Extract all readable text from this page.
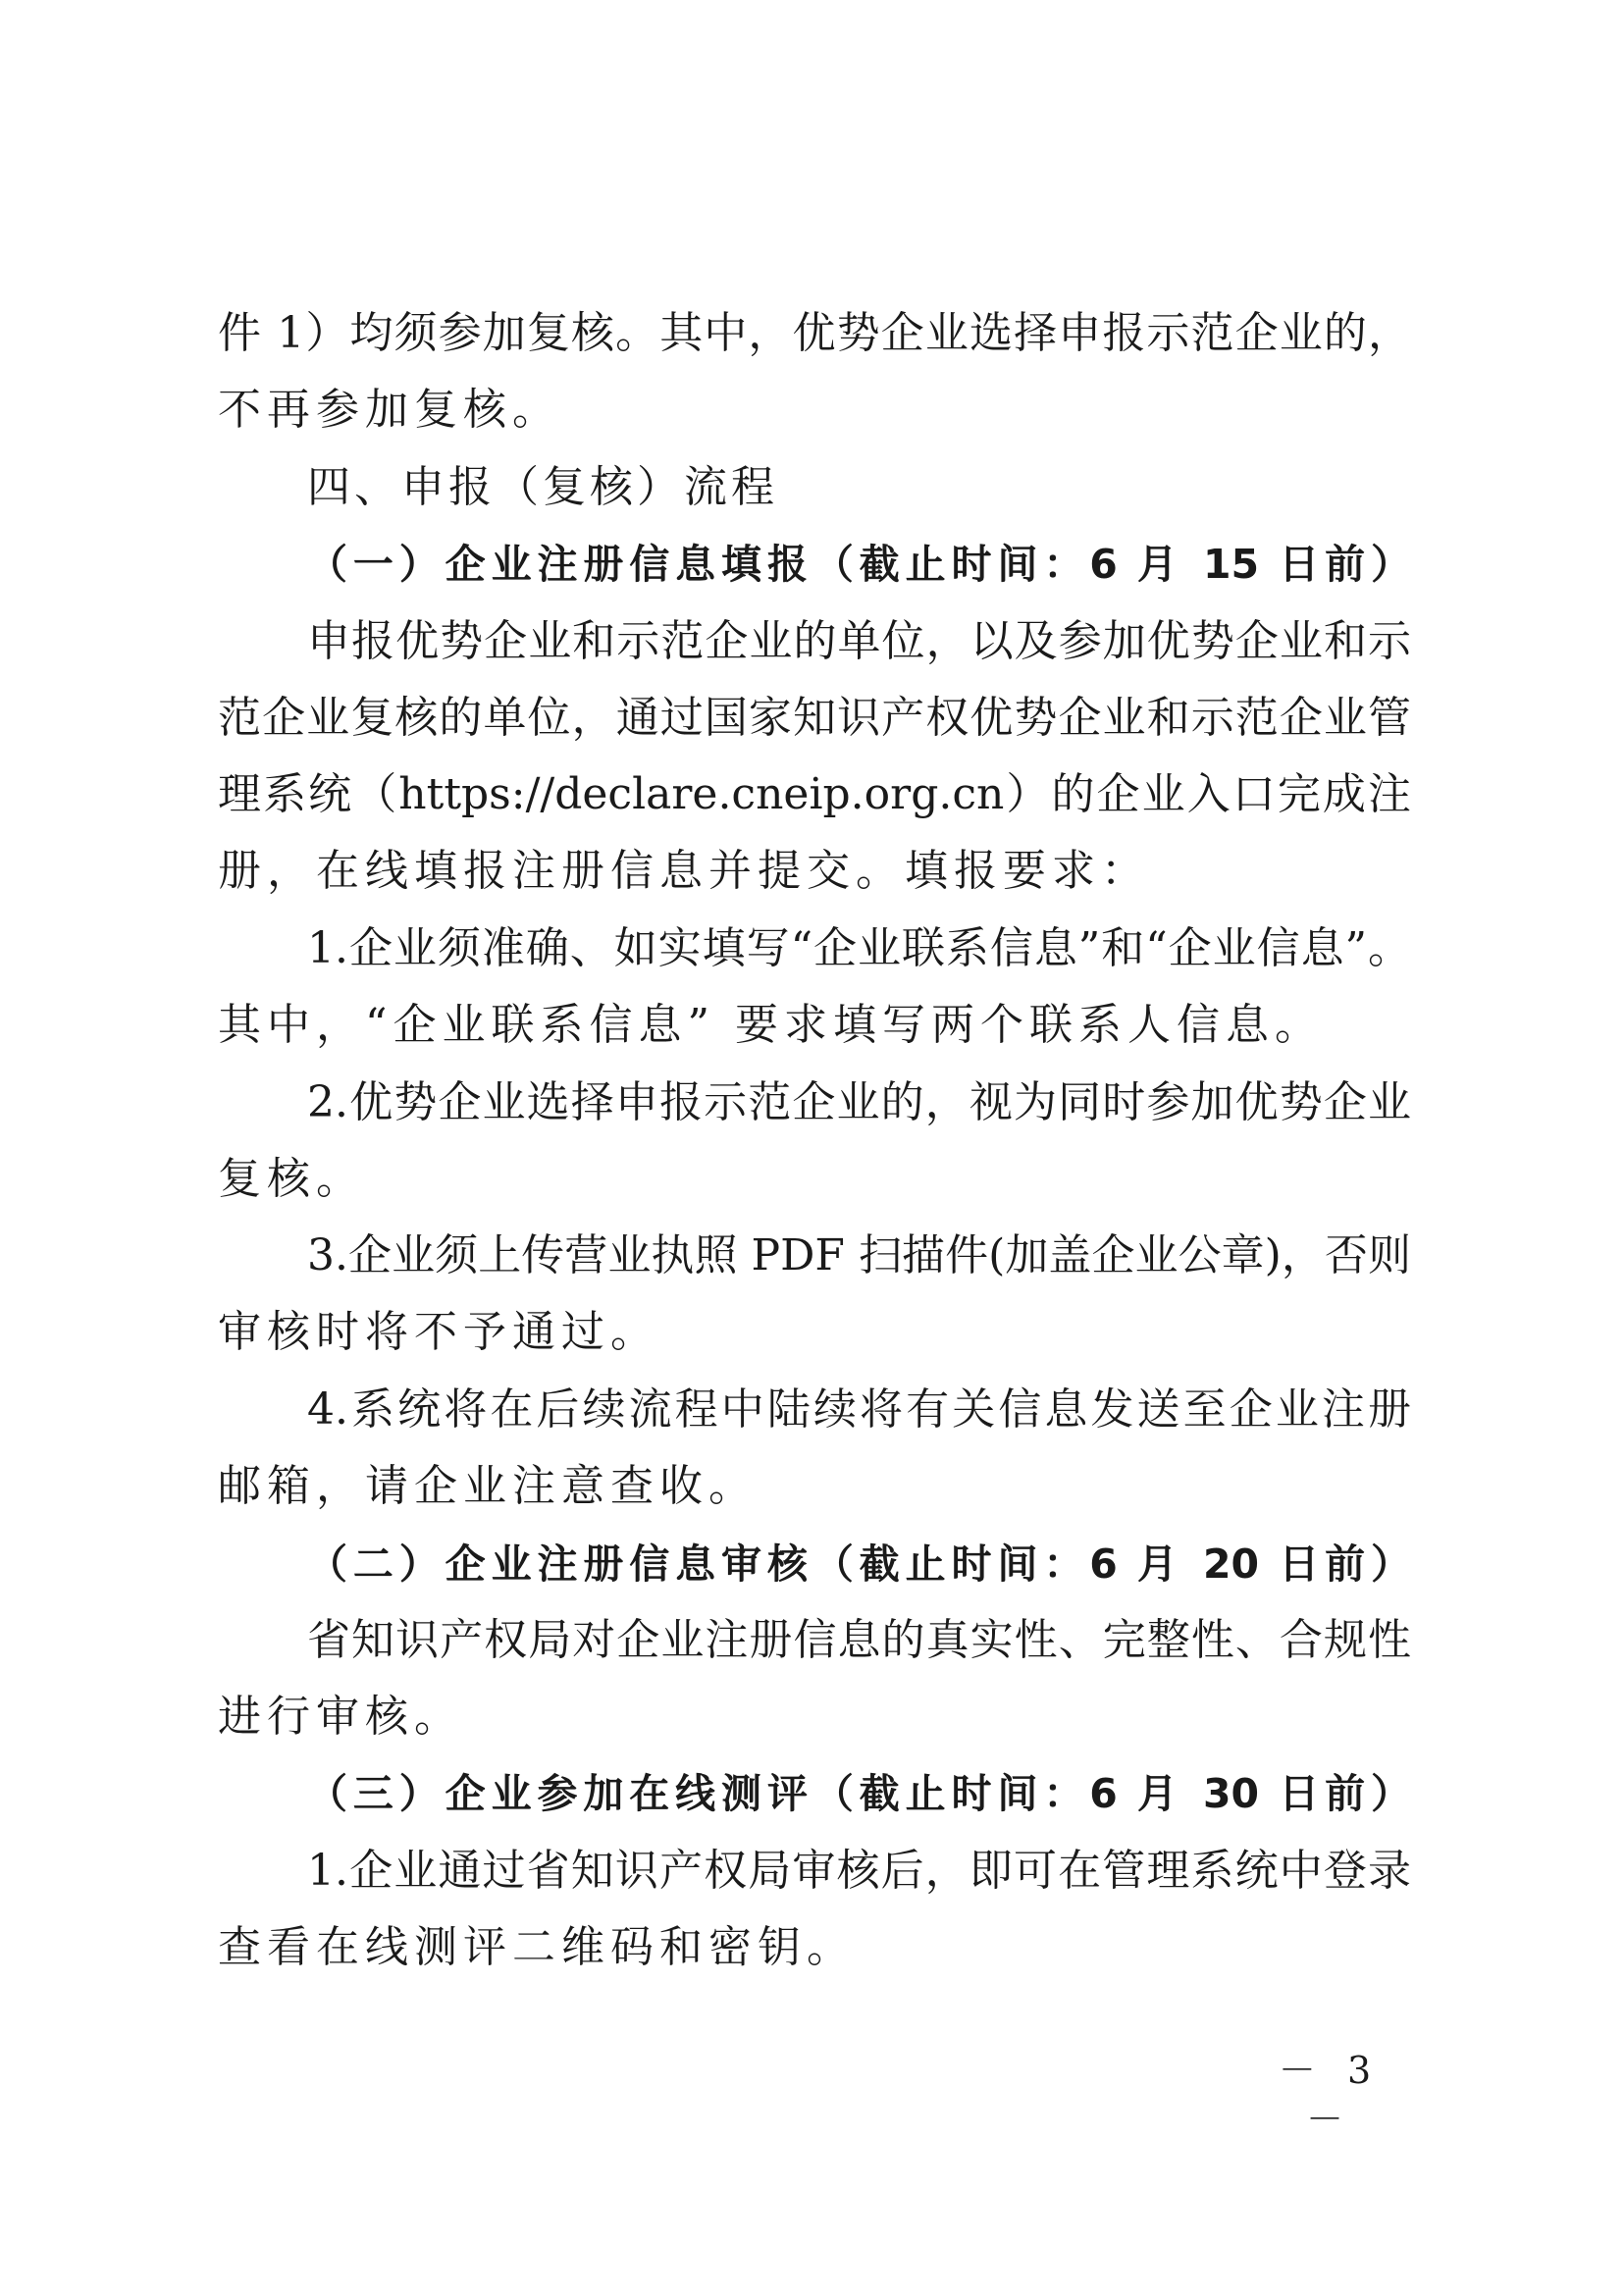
件 1）均须参加复核。其中，优势企业选择申报示范企业的，
不再参加复核。
四、申报（复核）流程
（一）企业注册信息填报（截止时间：6 月 15 日前）
申报优势企业和示范企业的单位，以及参加优势企业和示
范企业复核的单位，通过国家知识产权优势企业和示范企业管
理系统（https://declare.cneip.org.cn）的企业入口完成注
册，在线填报注册信息并提交。填报要求：
1.企业须准确、如实填写“企业联系信息”和“企业信息”。
其中，“企业联系信息” 要求填写两个联系人信息。
2.优势企业选择申报示范企业的，视为同时参加优势企业
复核。
3.企业须上传营业执照 PDF 扫描件(加盖企业公章)，否则
审核时将不予通过。
4.系统将在后续流程中陆续将有关信息发送至企业注册
邮箱，请企业注意查收。
（二）企业注册信息审核（截止时间：6 月 20 日前）
省知识产权局对企业注册信息的真实性、完整性、合规性
进行审核。
（三）企业参加在线测评（截止时间：6 月 30 日前）
1.企业通过省知识产权局审核后，即可在管理系统中登录
查看在线测评二维码和密钥。
－ 3 －
